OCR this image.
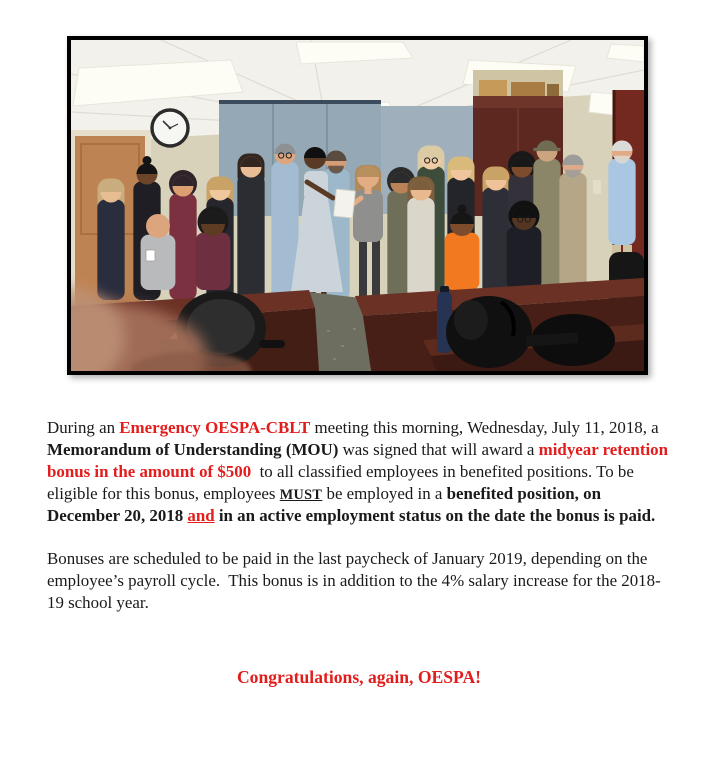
During an Emergency OESPA-CBLT meeting this morning, Wednesday, July 11, 2018, a Memorandum of Understanding (MOU) was signed that will award a midyear retention bonus in the amount of $500  to all classified employees in benefited positions. To be eligible for this bonus, employees MUST be employed in a benefited position, on December 20, 2018 and in an active employment status on the date the bonus is paid.

Bonuses are scheduled to be paid in the last paycheck of January 2019, depending on the employee’s payroll cycle.  This bonus is in addition to the 4% salary increase for the 2018-19 school year.

Congratulations, again, OESPA!
